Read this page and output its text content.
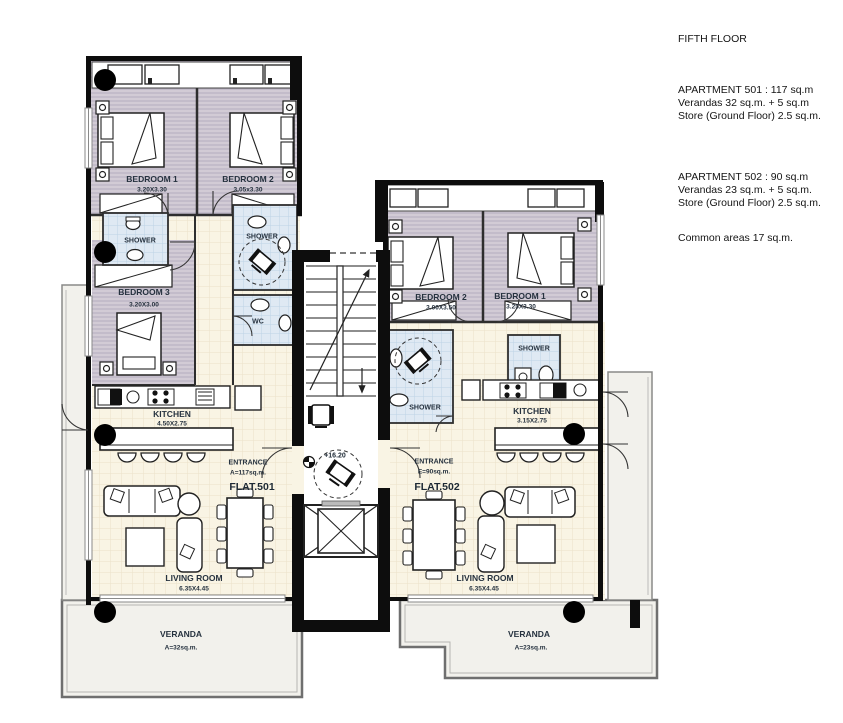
BEDROOM 1
3.20X3.30
BEDROOM 2
3.05x3.30
SHOWER
SHOWER
WC
BEDROOM 3
3.20X3.00
KITCHEN
4.50X2.75
ENTRANCE
A=117sq.m.
FLAT.501
LIVING ROOM
6.35X4.45
VERANDA
A=32sq.m.
BEDROOM 2
3.00X3.50
BEDROOM 1
3.25X3.30
SHOWER
SHOWER
KITCHEN
3.15X2.75
ENTRANCE
E=90sq.m.
FLAT.502
LIVING ROOM
6.35X4.45
VERANDA
A=23sq.m.
+16.20
FIFTH FLOOR
APARTMENT 501 : 117 sq.m
Verandas 32 sq.m. + 5 sq.m
Store (Ground Floor) 2.5 sq.m.
APARTMENT 502 : 90 sq.m
Verandas 23 sq.m. + 5 sq.m.
Store (Ground Floor) 2.5 sq.m.
Common areas 17 sq.m.
